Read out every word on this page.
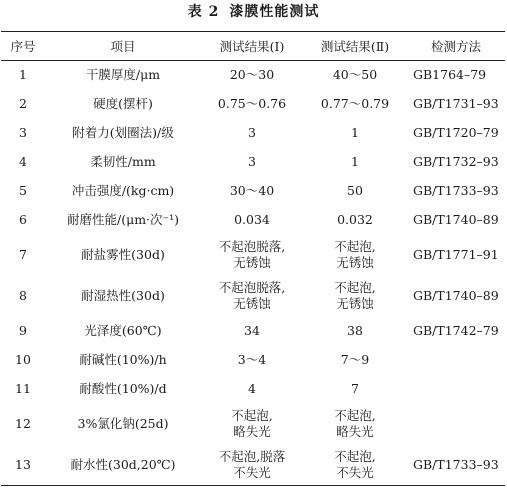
表 2 漆膜性能测试
序号	项目	测试结果(Ⅰ)	测试结果(Ⅱ)	检测方法
1	干膜厚度/μm	20～30	40～50	GB1764–79
2	硬度(摆杆)	0.75～0.76	0.77～0.79	GB/T1731–93
3	附着力(划圈法)/级	3	1	GB/T1720–79
4	柔韧性/mm	3	1	GB/T1732–93
5	冲击强度/(kg·cm)	30～40	50	GB/T1733–93
6	耐磨性能/(μm·次⁻¹)	0.034	0.032	GB/T1740–89
7	耐盐雾性(30d)	不起泡脱落,
无锈蚀	不起泡,
无锈蚀	GB/T1771–91
8	耐湿热性(30d)	不起泡脱落,
无锈蚀	不起泡,
无锈蚀	GB/T1740–89
9	光泽度(60℃)	34	38	GB/T1742–79
10	耐碱性(10%)/h	3～4	7～9	

11	耐酸性(10%)/d	4	7	

12	3%氯化钠(25d)	不起泡,
略失光	不起泡,
略失光	

13	耐水性(30d,20℃)	不起泡,脱落
不失光	不起泡,
不失光	GB/T1733–93
